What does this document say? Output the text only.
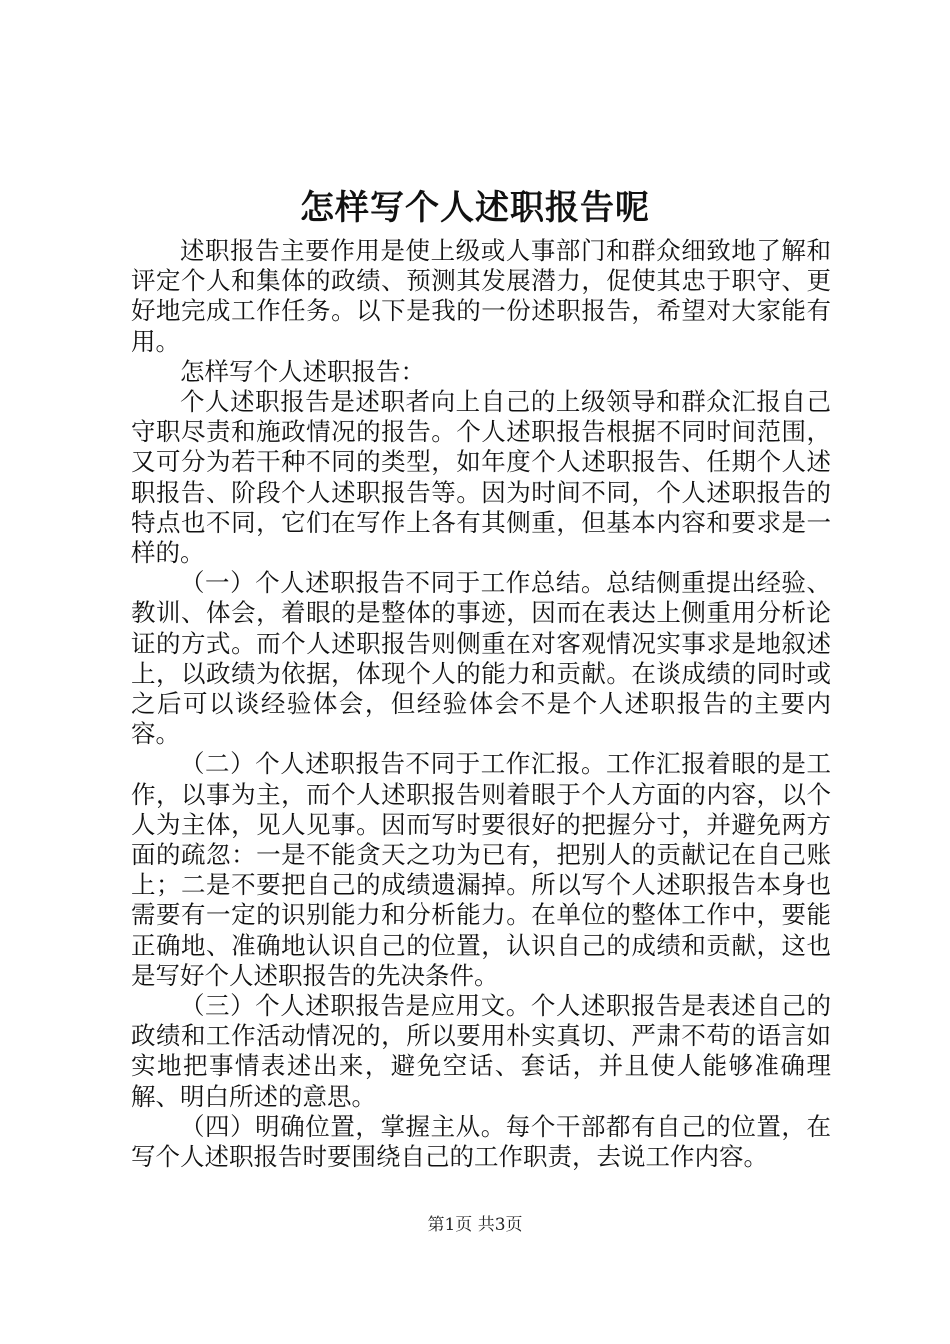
怎样写个人述职报告呢

述职报告主要作用是使上级或人事部门和群众细致地了解和评定个人和集体的政绩、预测其发展潜力，促使其忠于职守、更好地完成工作任务。以下是我的一份述职报告，希望对大家能有用。

怎样写个人述职报告：

个人述职报告是述职者向上自己的上级领导和群众汇报自己守职尽责和施政情况的报告。个人述职报告根据不同时间范围，又可分为若干种不同的类型，如年度个人述职报告、任期个人述职报告、阶段个人述职报告等。因为时间不同，个人述职报告的特点也不同，它们在写作上各有其侧重，但基本内容和要求是一样的。

（一）个人述职报告不同于工作总结。总结侧重提出经验、教训、体会，着眼的是整体的事迹，因而在表达上侧重用分析论证的方式。而个人述职报告则侧重在对客观情况实事求是地叙述上，以政绩为依据，体现个人的能力和贡献。在谈成绩的同时或之后可以谈经验体会，但经验体会不是个人述职报告的主要内容。

（二）个人述职报告不同于工作汇报。工作汇报着眼的是工作，以事为主，而个人述职报告则着眼于个人方面的内容，以个人为主体，见人见事。因而写时要很好的把握分寸，并避免两方面的疏忽：一是不能贪天之功为已有，把别人的贡献记在自己账上；二是不要把自己的成绩遗漏掉。所以写个人述职报告本身也需要有一定的识别能力和分析能力。在单位的整体工作中，要能正确地、准确地认识自己的位置，认识自己的成绩和贡献，这也是写好个人述职报告的先决条件。

（三）个人述职报告是应用文。个人述职报告是表述自己的政绩和工作活动情况的，所以要用朴实真切、严肃不苟的语言如实地把事情表述出来，避免空话、套话，并且使人能够准确理解、明白所述的意思。

（四）明确位置，掌握主从。每个干部都有自己的位置，在写个人述职报告时要围绕自己的工作职责，去说工作内容。

第1页 共3页
